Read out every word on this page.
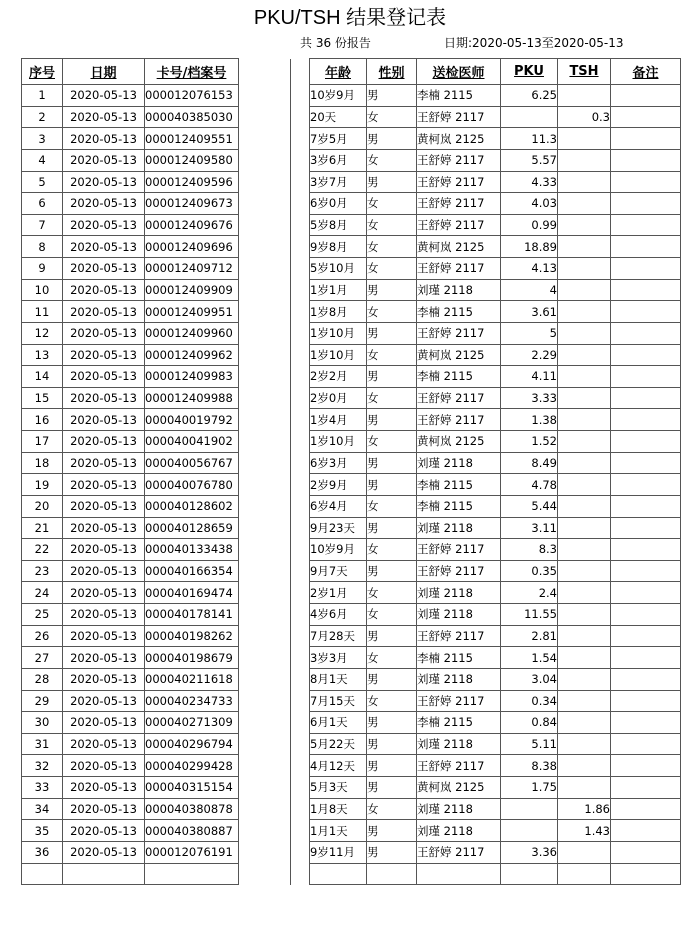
PKU/TSH 结果登记表
共 36 份报告	日期:2020-05-13至2020-05-13
序号	日期	卡号/档案号			年龄	性别	送检医师	PKU	TSH	备注
1	2020-05-13	000012076153			10岁9月	男	李楠 2115	6.25		
2	2020-05-13	000040385030			20天	女	王舒婷 2117		0.3	
3	2020-05-13	000012409551			7岁5月	男	黄柯岚 2125	11.3		
4	2020-05-13	000012409580			3岁6月	女	王舒婷 2117	5.57		
5	2020-05-13	000012409596			3岁7月	男	王舒婷 2117	4.33		
6	2020-05-13	000012409673			6岁0月	女	王舒婷 2117	4.03		
7	2020-05-13	000012409676			5岁8月	女	王舒婷 2117	0.99		
8	2020-05-13	000012409696			9岁8月	女	黄柯岚 2125	18.89		
9	2020-05-13	000012409712			5岁10月	女	王舒婷 2117	4.13		
10	2020-05-13	000012409909			1岁1月	男	刘瑾 2118	4		
11	2020-05-13	000012409951			1岁8月	女	李楠 2115	3.61		
12	2020-05-13	000012409960			1岁10月	男	王舒婷 2117	5		
13	2020-05-13	000012409962			1岁10月	女	黄柯岚 2125	2.29		
14	2020-05-13	000012409983			2岁2月	男	李楠 2115	4.11		
15	2020-05-13	000012409988			2岁0月	女	王舒婷 2117	3.33		
16	2020-05-13	000040019792			1岁4月	男	王舒婷 2117	1.38		
17	2020-05-13	000040041902			1岁10月	女	黄柯岚 2125	1.52		
18	2020-05-13	000040056767			6岁3月	男	刘瑾 2118	8.49		
19	2020-05-13	000040076780			2岁9月	男	李楠 2115	4.78		
20	2020-05-13	000040128602			6岁4月	女	李楠 2115	5.44		
21	2020-05-13	000040128659			9月23天	男	刘瑾 2118	3.11		
22	2020-05-13	000040133438			10岁9月	女	王舒婷 2117	8.3		
23	2020-05-13	000040166354			9月7天	男	王舒婷 2117	0.35		
24	2020-05-13	000040169474			2岁1月	女	刘瑾 2118	2.4		
25	2020-05-13	000040178141			4岁6月	女	刘瑾 2118	11.55		
26	2020-05-13	000040198262			7月28天	男	王舒婷 2117	2.81		
27	2020-05-13	000040198679			3岁3月	女	李楠 2115	1.54		
28	2020-05-13	000040211618			8月1天	男	刘瑾 2118	3.04		
29	2020-05-13	000040234733			7月15天	女	王舒婷 2117	0.34		
30	2020-05-13	000040271309			6月1天	男	李楠 2115	0.84		
31	2020-05-13	000040296794			5月22天	男	刘瑾 2118	5.11		
32	2020-05-13	000040299428			4月12天	男	王舒婷 2117	8.38		
33	2020-05-13	000040315154			5月3天	男	黄柯岚 2125	1.75		
34	2020-05-13	000040380878			1月8天	女	刘瑾 2118		1.86	
35	2020-05-13	000040380887			1月1天	男	刘瑾 2118		1.43	
36	2020-05-13	000012076191			9岁11月	男	王舒婷 2117	3.36		
